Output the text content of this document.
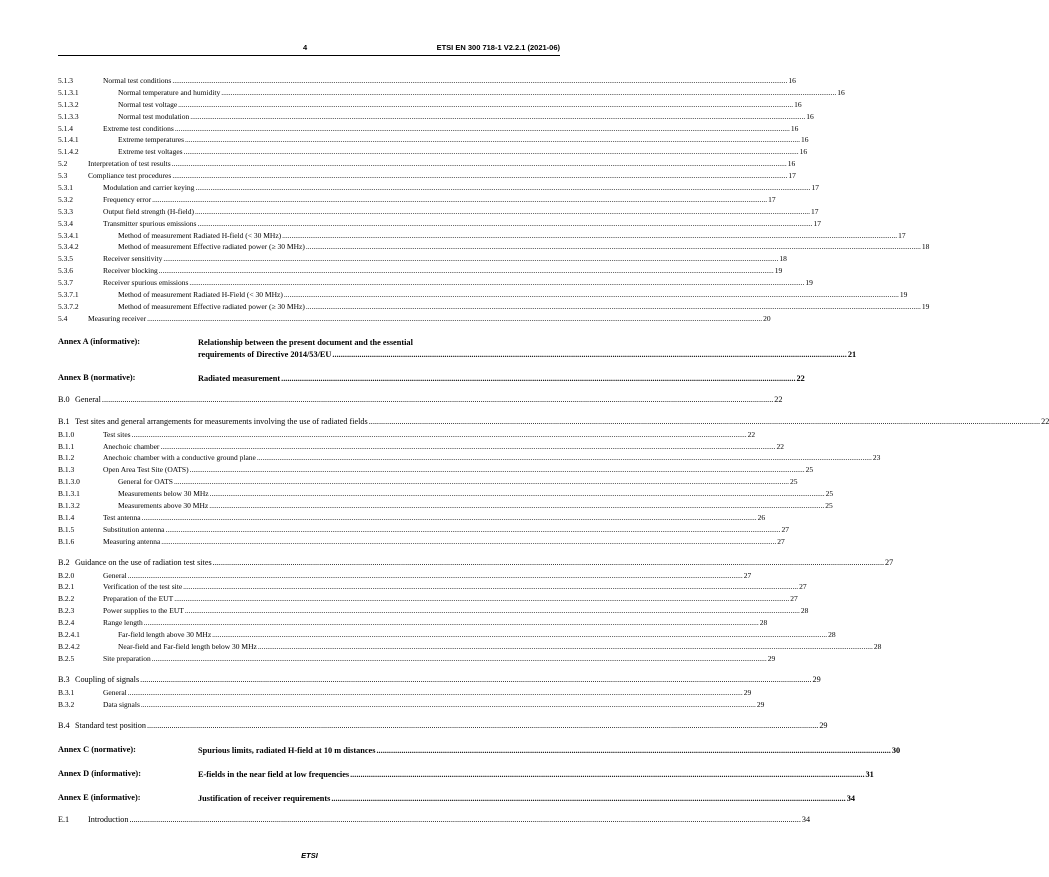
4	ETSI EN 300 718-1 V2.2.1 (2021-06)
5.1.3	Normal test conditions .....	16
5.1.3.1	Normal temperature and humidity .....	16
5.1.3.2	Normal test voltage .....	16
5.1.3.3	Normal test modulation .....	16
5.1.4	Extreme test conditions .....	16
5.1.4.1	Extreme temperatures .....	16
5.1.4.2	Extreme test voltages .....	16
5.2	Interpretation of test results .....	16
5.3	Compliance test procedures .....	17
5.3.1	Modulation and carrier keying .....	17
5.3.2	Frequency error .....	17
5.3.3	Output field strength (H-field) .....	17
5.3.4	Transmitter spurious emissions .....	17
5.3.4.1	Method of measurement Radiated H-field (< 30 MHz) .....	17
5.3.4.2	Method of measurement Effective radiated power (≥ 30 MHz) .....	18
5.3.5	Receiver sensitivity .....	18
5.3.6	Receiver blocking .....	19
5.3.7	Receiver spurious emissions .....	19
5.3.7.1	Method of measurement Radiated H-Field (< 30 MHz) .....	19
5.3.7.2	Method of measurement Effective radiated power (≥ 30 MHz) .....	19
5.4	Measuring receiver .....	20
Annex A (informative):	Relationship between the present document and the essential
requirements of Directive 2014/53/EU .....	21
Annex B (normative):	Radiated measurement .....	22
B.0 General .....	22
B.1 Test sites and general arrangements for measurements involving the use of radiated fields .....	22
B.1.0	Test sites .....	22
B.1.1	Anechoic chamber .....	22
B.1.2	Anechoic chamber with a conductive ground plane .....	23
B.1.3	Open Area Test Site (OATS) .....	25
B.1.3.0	General for OATS .....	25
B.1.3.1	Measurements below 30 MHz .....	25
B.1.3.2	Measurements above 30 MHz .....	25
B.1.4	Test antenna .....	26
B.1.5	Substitution antenna .....	27
B.1.6	Measuring antenna .....	27
B.2 Guidance on the use of radiation test sites .....	27
B.2.0	General .....	27
B.2.1	Verification of the test site .....	27
B.2.2	Preparation of the EUT .....	27
B.2.3	Power supplies to the EUT .....	28
B.2.4	Range length .....	28
B.2.4.1	Far-field length above 30 MHz .....	28
B.2.4.2	Near-field and Far-field length below 30 MHz .....	28
B.2.5	Site preparation .....	29
B.3 Coupling of signals .....	29
B.3.1	General .....	29
B.3.2	Data signals .....	29
B.4 Standard test position .....	29
Annex C (normative):	Spurious limits, radiated H-field at 10 m distances .....	30
Annex D (informative):	E-fields in the near field at low frequencies .....	31
Annex E (informative):	Justification of receiver requirements .....	34
E.1	Introduction .....	34
ETSI
